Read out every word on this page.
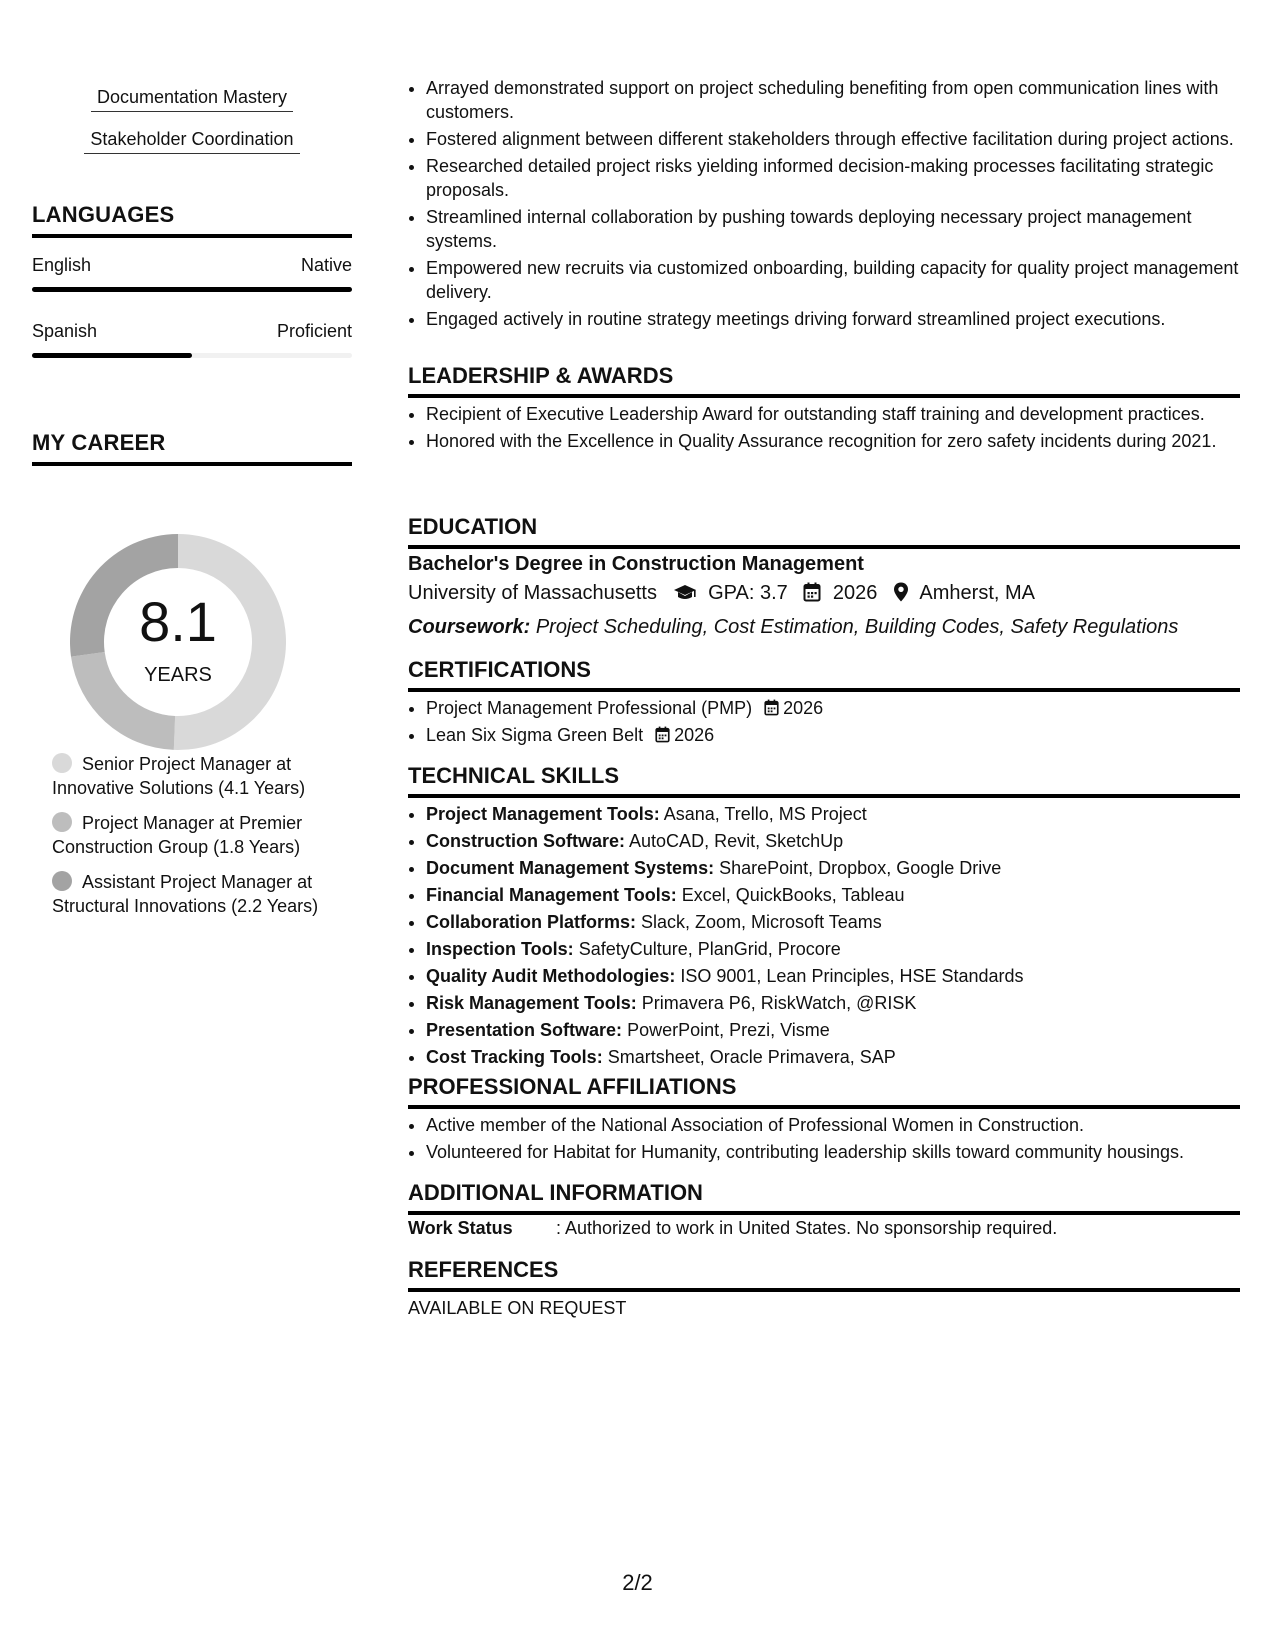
Documentation Mastery
Stakeholder Coordination
LANGUAGES
English	Native
Spanish	Proficient
MY CAREER
8.1
YEARS
Senior Project Manager at Innovative Solutions (4.1 Years)
Project Manager at Premier Construction Group (1.8 Years)
Assistant Project Manager at Structural Innovations (2.2 Years)
• Arrayed demonstrated support on project scheduling benefiting from open communication lines with customers.
• Fostered alignment between different stakeholders through effective facilitation during project actions.
• Researched detailed project risks yielding informed decision-making processes facilitating strategic proposals.
• Streamlined internal collaboration by pushing towards deploying necessary project management systems.
• Empowered new recruits via customized onboarding, building capacity for quality project management delivery.
• Engaged actively in routine strategy meetings driving forward streamlined project executions.
LEADERSHIP & AWARDS
• Recipient of Executive Leadership Award for outstanding staff training and development practices.
• Honored with the Excellence in Quality Assurance recognition for zero safety incidents during 2021.
EDUCATION
Bachelor's Degree in Construction Management
University of Massachusetts	GPA: 3.7 2026 Amherst, MA
Coursework: Project Scheduling, Cost Estimation, Building Codes, Safety Regulations
CERTIFICATIONS
• Project Management Professional (PMP) 2026
• Lean Six Sigma Green Belt 2026
TECHNICAL SKILLS
• Project Management Tools: Asana, Trello, MS Project
• Construction Software: AutoCAD, Revit, SketchUp
• Document Management Systems: SharePoint, Dropbox, Google Drive
• Financial Management Tools: Excel, QuickBooks, Tableau
• Collaboration Platforms: Slack, Zoom, Microsoft Teams
• Inspection Tools: SafetyCulture, PlanGrid, Procore
• Quality Audit Methodologies: ISO 9001, Lean Principles, HSE Standards
• Risk Management Tools: Primavera P6, RiskWatch, @RISK
• Presentation Software: PowerPoint, Prezi, Visme
• Cost Tracking Tools: Smartsheet, Oracle Primavera, SAP
PROFESSIONAL AFFILIATIONS
• Active member of the National Association of Professional Women in Construction.
• Volunteered for Habitat for Humanity, contributing leadership skills toward community housings.
ADDITIONAL INFORMATION
Work Status : Authorized to work in United States. No sponsorship required.
REFERENCES
AVAILABLE ON REQUEST
2/2
